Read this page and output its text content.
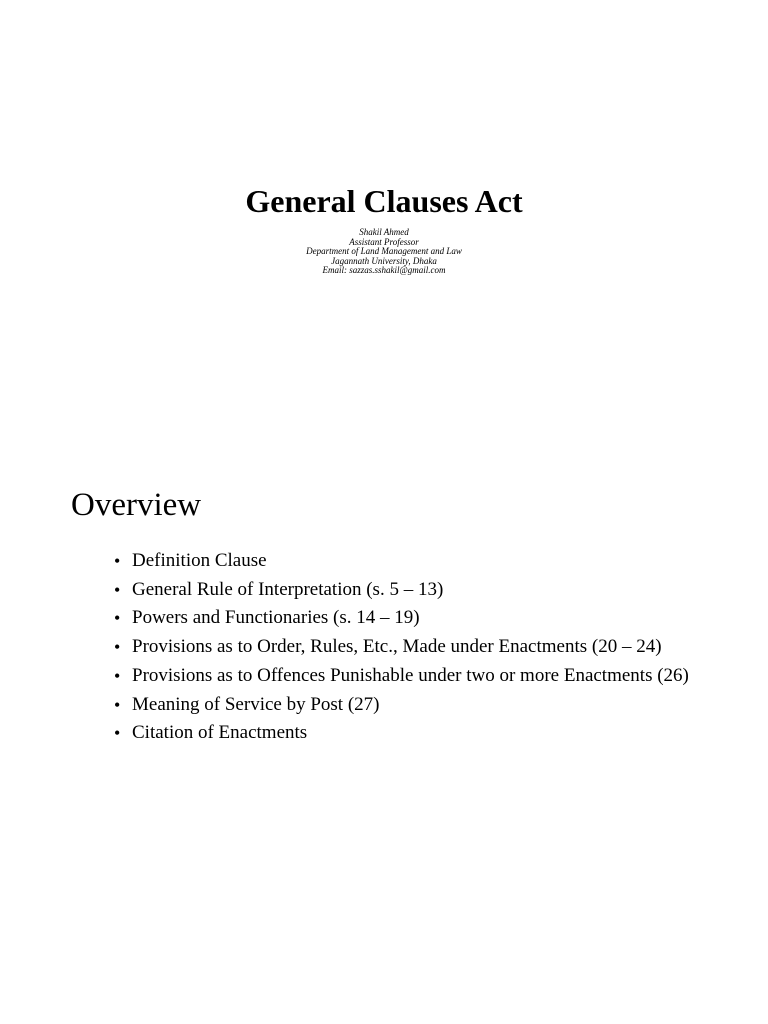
General Clauses Act
Shakil Ahmed
Assistant Professor
Department of Land Management and Law
Jagannath University, Dhaka
Email: sazzas.sshakil@gmail.com
Overview
• Definition Clause
• General Rule of Interpretation (s. 5 – 13)
• Powers and Functionaries (s. 14 – 19)
• Provisions as to Order, Rules, Etc., Made under Enactments (20 – 24)
• Provisions as to Offences Punishable under two or more Enactments (26)
• Meaning of Service by Post (27)
• Citation of Enactments
